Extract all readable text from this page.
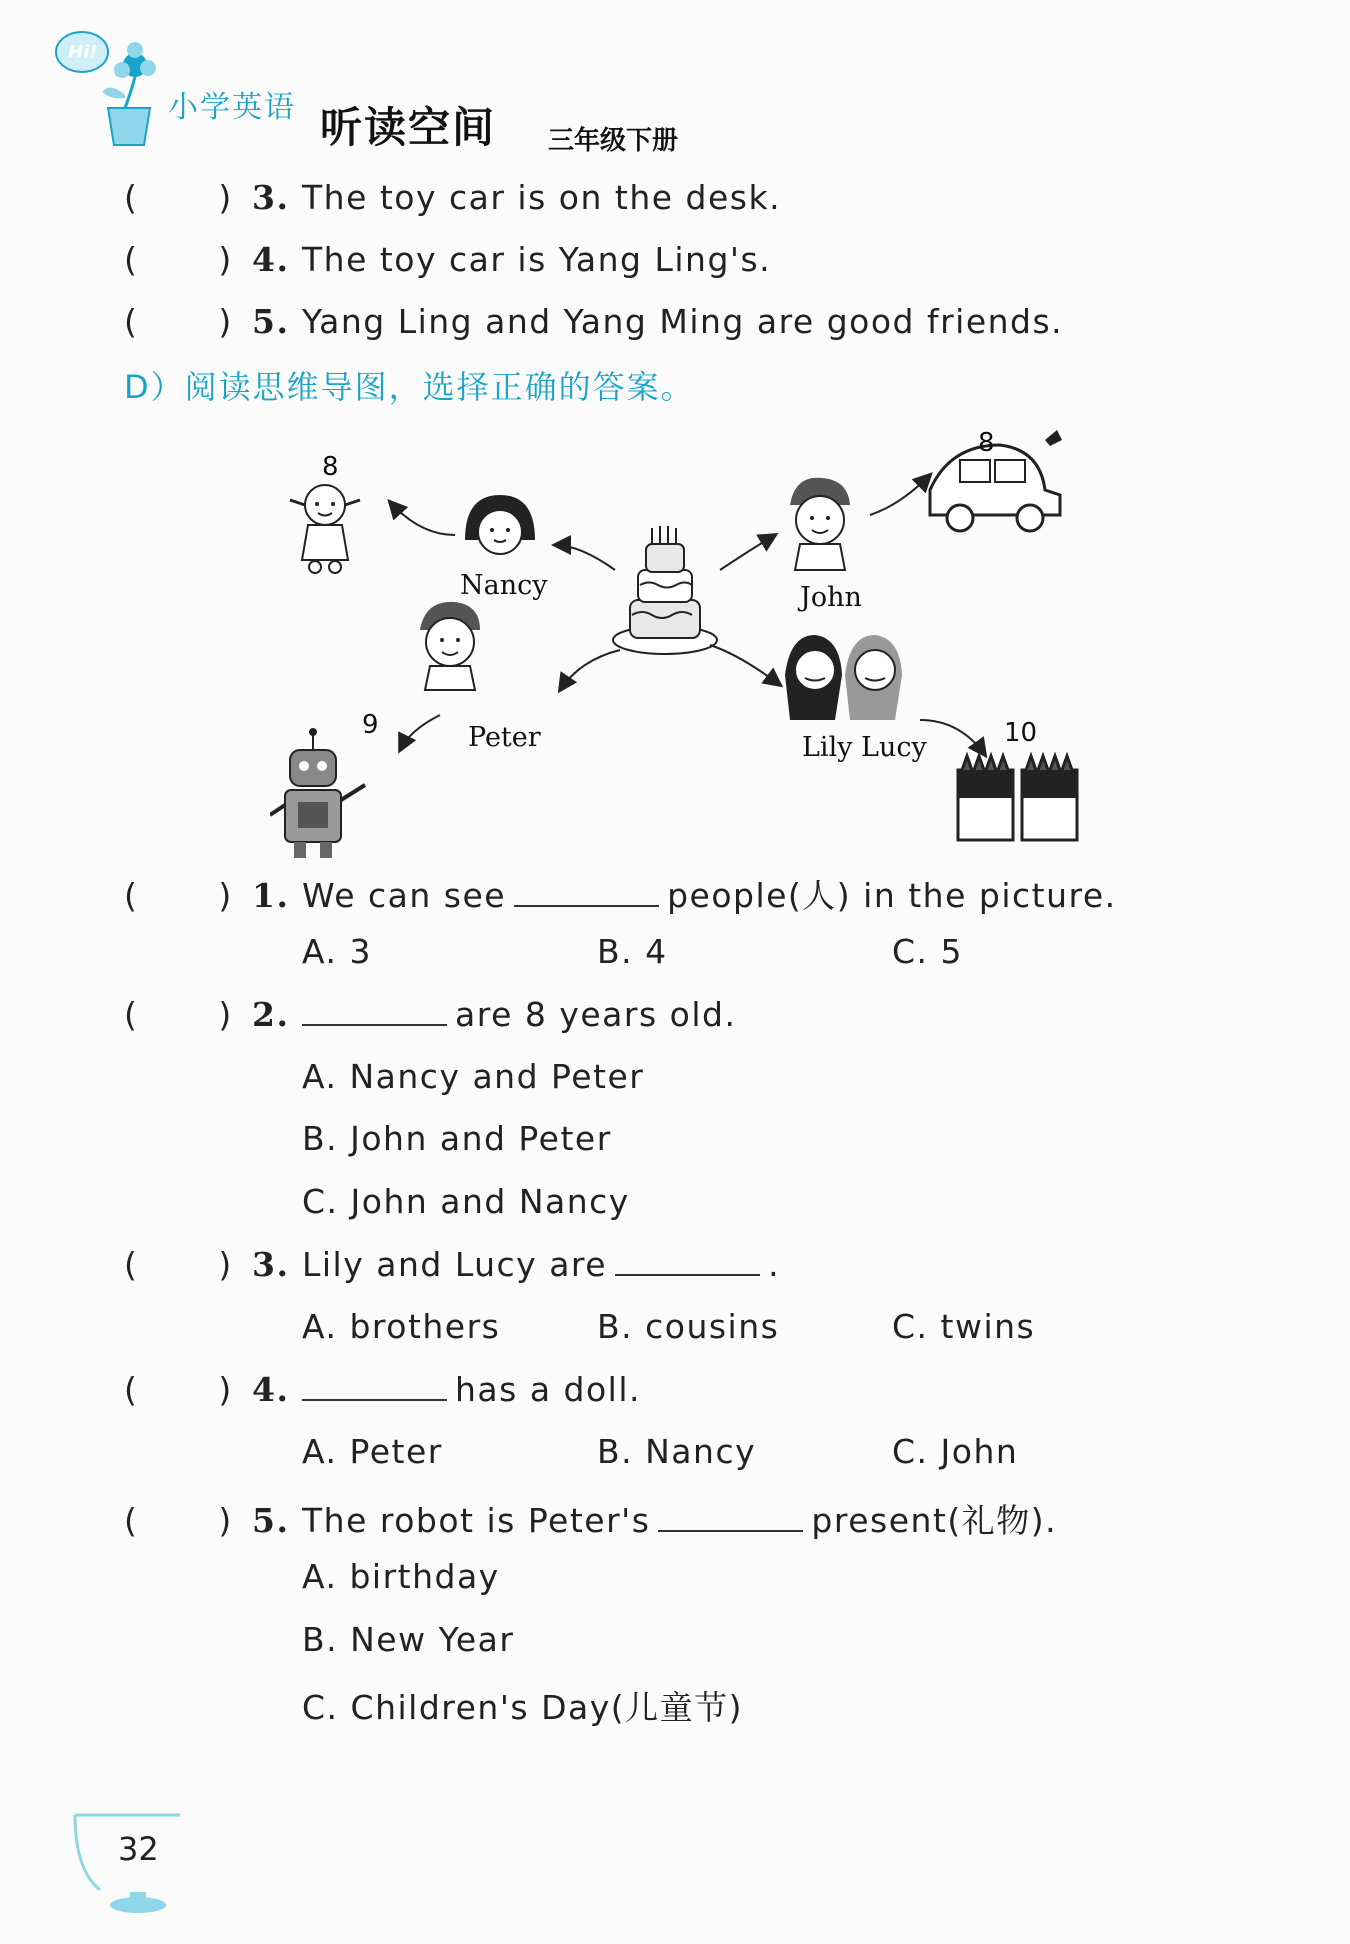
Hi!
小学英语 听读空间 三年级下册
( ) 3. The toy car is on the desk.
( ) 4. The toy car is Yang Ling's.
( ) 5. Yang Ling and Yang Ming are good friends.
D）阅读思维导图，选择正确的答案。
Nancy	John
Peter	Lily Lucy
8
8
9	10
( ) 1. We can see	people(人) in the picture.
A. 3	B. 4	C. 5
( ) 2.	are 8 years old.
A. Nancy and Peter
B. John and Peter
C. John and Nancy
( ) 3. Lily and Lucy are	.
A. brothers	B. cousins	C. twins
( ) 4.	has a doll.
A. Peter	B. Nancy	C. John
( ) 5. The robot is Peter's	present(礼物).
A. birthday
B. New Year
C. Children's Day(儿童节)
32
